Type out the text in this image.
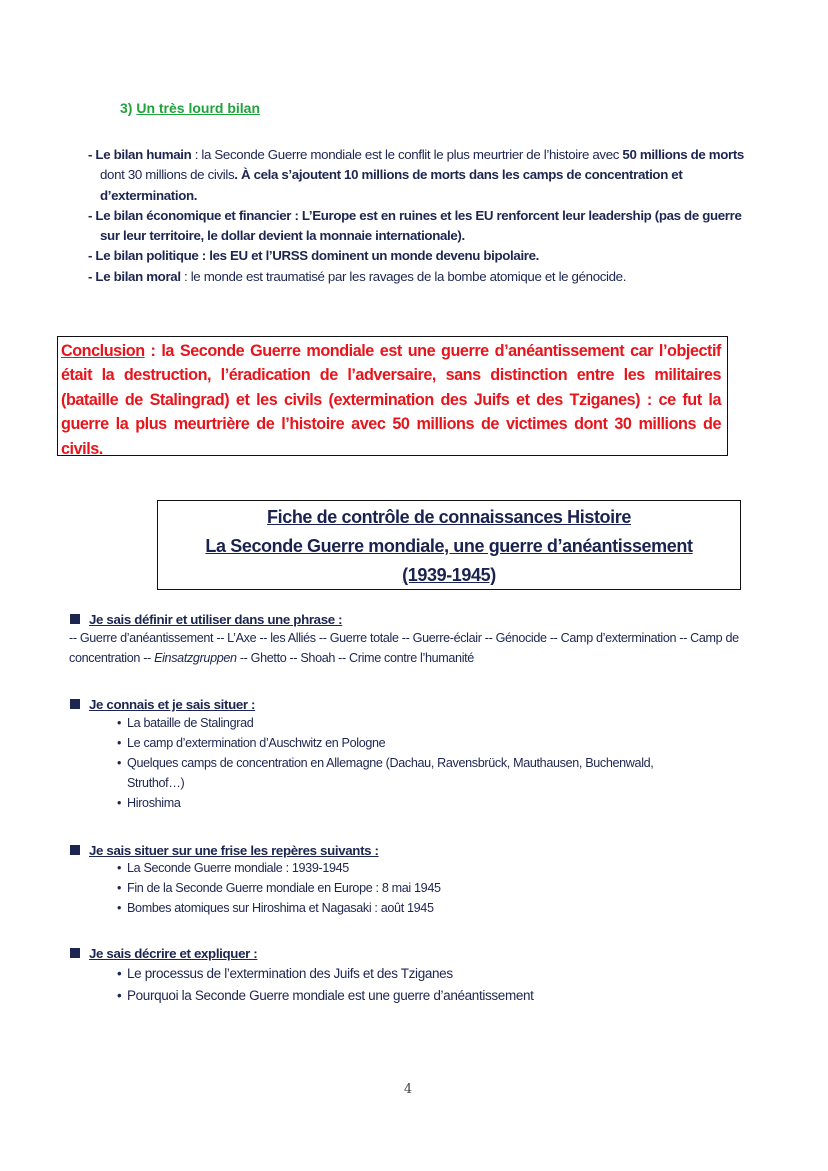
3) Un très lourd bilan
- Le bilan humain : la Seconde Guerre mondiale est le conflit le plus meurtrier de l’histoire avec 50 millions de morts dont 30 millions de civils. À cela s’ajoutent 10 millions de morts dans les camps de concentration et d’extermination.
- Le bilan économique et financier : L’Europe est en ruines et les EU renforcent leur leadership (pas de guerre sur leur territoire, le dollar devient la monnaie internationale).
- Le bilan politique : les EU et l’URSS dominent un monde devenu bipolaire.
- Le bilan moral : le monde est traumatisé par les ravages de la bombe atomique et le génocide.
Conclusion : la Seconde Guerre mondiale est une guerre d’anéantissement car l’objectif était la destruction, l’éradication de l’adversaire, sans distinction entre les militaires (bataille de Stalingrad) et les civils (extermination des Juifs et des Tziganes) : ce fut la guerre la plus meurtrière de l’histoire avec 50 millions de victimes dont 30 millions de civils.
Fiche de contrôle de connaissances Histoire
La Seconde Guerre mondiale, une guerre d’anéantissement
(1939-1945)
Je sais définir et utiliser dans une phrase :
-- Guerre d’anéantissement -- L’Axe -- les Alliés -- Guerre totale -- Guerre-éclair -- Génocide -- Camp d’extermination -- Camp de concentration -- Einsatzgruppen -- Ghetto -- Shoah -- Crime contre l’humanité
Je connais et je sais situer :
• La bataille de Stalingrad
• Le camp d’extermination d’Auschwitz en Pologne
• Quelques camps de concentration en Allemagne (Dachau, Ravensbrück, Mauthausen, Buchenwald, Struthof…)
• Hiroshima
Je sais situer sur une frise les repères suivants :
• La Seconde Guerre mondiale : 1939-1945
• Fin de la Seconde Guerre mondiale en Europe : 8 mai 1945
• Bombes atomiques sur Hiroshima et Nagasaki : août 1945
Je sais décrire et expliquer :
• Le processus de l’extermination des Juifs et des Tziganes
• Pourquoi la Seconde Guerre mondiale est une guerre d’anéantissement
4
